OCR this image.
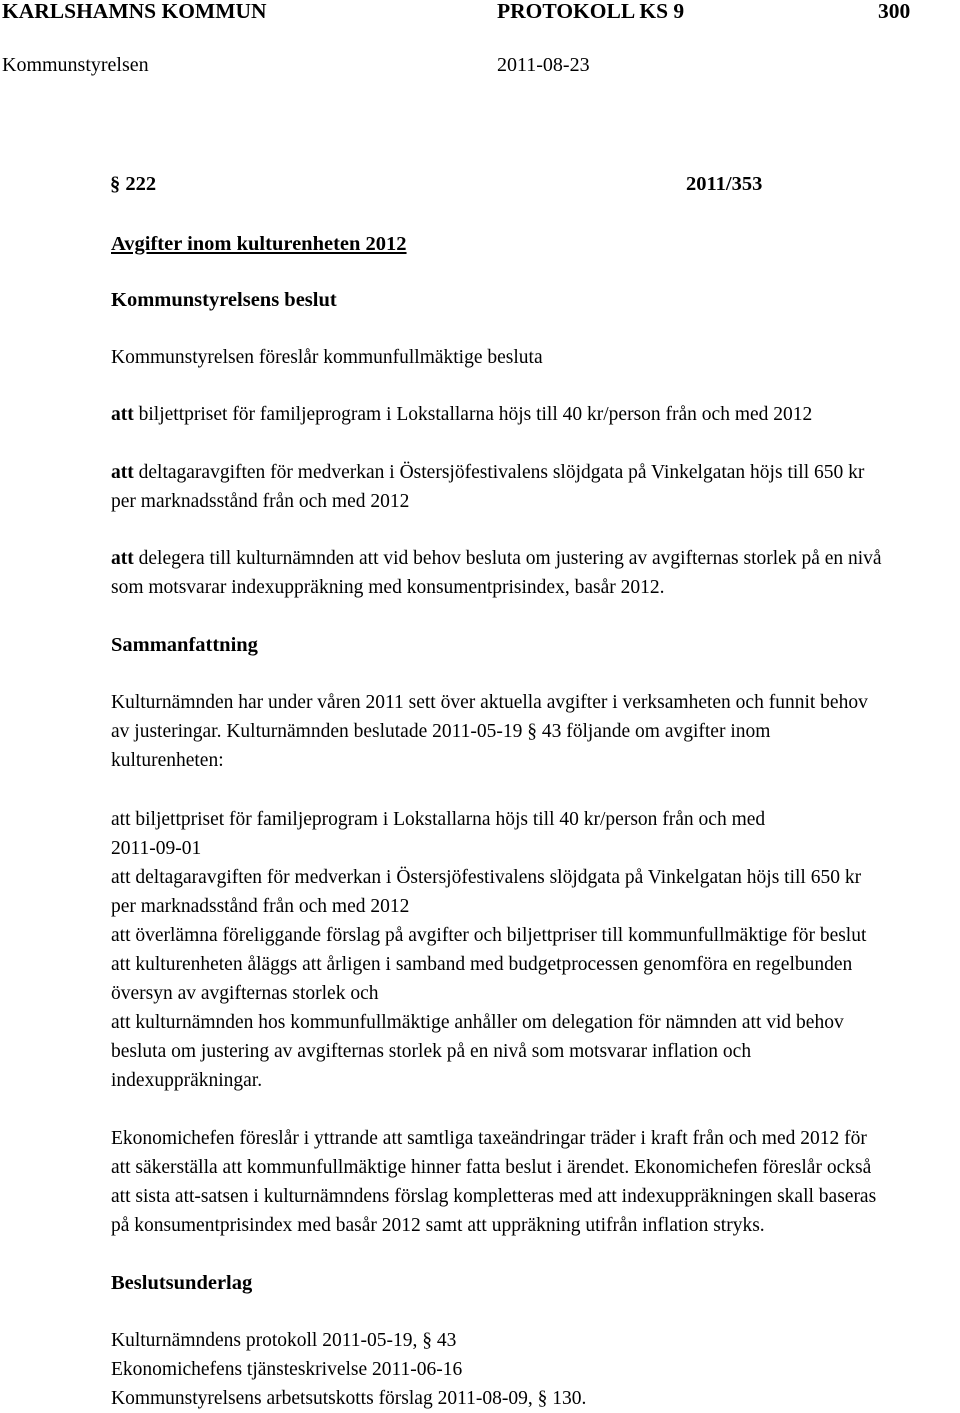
KARLSHAMNS KOMMUN	PROTOKOLL KS 9	300
Kommunstyrelsen	2011-08-23
§ 222	2011/353
Avgifter inom kulturenheten 2012
Kommunstyrelsens beslut
Kommunstyrelsen föreslår kommunfullmäktige besluta
att biljettpriset för familjeprogram i Lokstallarna höjs till 40 kr/person från och med 2012
att deltagaravgiften för medverkan i Östersjöfestivalens slöjdgata på Vinkelgatan höjs till 650 kr
per marknadsstånd från och med 2012
att delegera till kulturnämnden att vid behov besluta om justering av avgifternas storlek på en nivå
som motsvarar indexuppräkning med konsumentprisindex, basår 2012.
Sammanfattning
Kulturnämnden har under våren 2011 sett över aktuella avgifter i verksamheten och funnit behov
av justeringar. Kulturnämnden beslutade 2011-05-19 § 43 följande om avgifter inom
kulturenheten:
att biljettpriset för familjeprogram i Lokstallarna höjs till 40 kr/person från och med
2011-09-01
att deltagaravgiften för medverkan i Östersjöfestivalens slöjdgata på Vinkelgatan höjs till 650 kr
per marknadsstånd från och med 2012
att överlämna föreliggande förslag på avgifter och biljettpriser till kommunfullmäktige för beslut
att kulturenheten åläggs att årligen i samband med budgetprocessen genomföra en regelbunden
översyn av avgifternas storlek och
att kulturnämnden hos kommunfullmäktige anhåller om delegation för nämnden att vid behov
besluta om justering av avgifternas storlek på en nivå som motsvarar inflation och
indexuppräkningar.
Ekonomichefen föreslår i yttrande att samtliga taxeändringar träder i kraft från och med 2012 för
att säkerställa att kommunfullmäktige hinner fatta beslut i ärendet. Ekonomichefen föreslår också
att sista att-satsen i kulturnämndens förslag kompletteras med att indexuppräkningen skall baseras
på konsumentprisindex med basår 2012 samt att uppräkning utifrån inflation stryks.
Beslutsunderlag
Kulturnämndens protokoll 2011-05-19, § 43
Ekonomichefens tjänsteskrivelse 2011-06-16
Kommunstyrelsens arbetsutskotts förslag 2011-08-09, § 130.
